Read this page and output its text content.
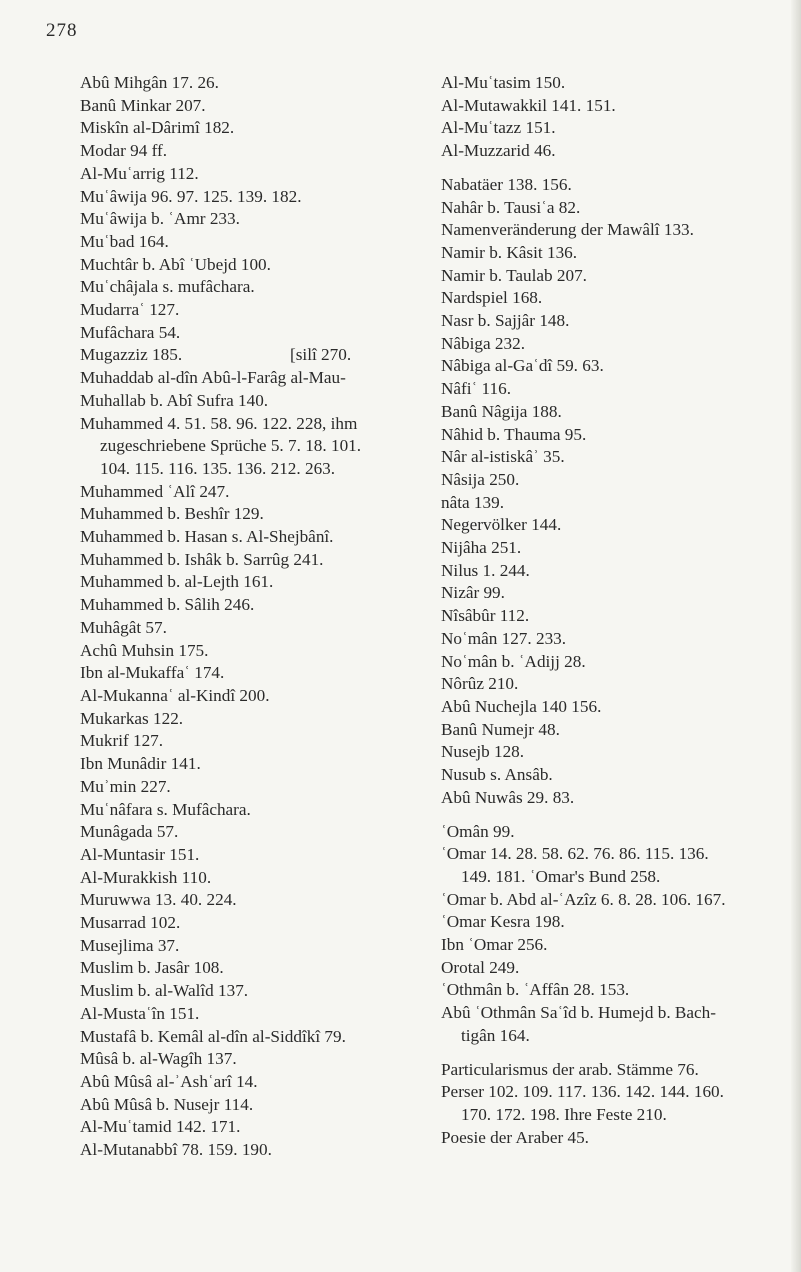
278
Abû Mihgân 17. 26.
Banû Minkar 207.
Miskîn al-Dârimî 182.
Modar 94 ff.
Al-Muʿarrig 112.
Muʿâwija 96. 97. 125. 139. 182.
Muʿâwija b. ʿAmr 233.
Muʿbad 164.
Muchtâr b. Abî ʿUbejd 100.
Muʿchâjala s. mufâchara.
Mudarraʿ 127.
Mufâchara 54.
Mugazziz 185.	[silî 270.
Muhaddab al-dîn Abû-l-Farâg al-Mau-
Muhallab b. Abî Sufra 140.
Muhammed 4. 51. 58. 96. 122. 228, ihm
zugeschriebene Sprüche 5. 7. 18. 101.
104. 115. 116. 135. 136. 212. 263.
Muhammed ʿAlî 247.
Muhammed b. Beshîr 129.
Muhammed b. Hasan s. Al-Shejbânî.
Muhammed b. Ishâk b. Sarrûg 241.
Muhammed b. al-Lejth 161.
Muhammed b. Sâlih 246.
Muhâgât 57.
Achû Muhsin 175.
Ibn al-Mukaffaʿ 174.
Al-Mukannaʿ al-Kindî 200.
Mukarkas 122.
Mukrif 127.
Ibn Munâdir 141.
Muʾmin 227.
Muʿnâfara s. Mufâchara.
Munâgada 57.
Al-Muntasir 151.
Al-Murakkish 110.
Muruwwa 13. 40. 224.
Musarrad 102.
Musejlima 37.
Muslim b. Jasâr 108.
Muslim b. al-Walîd 137.
Al-Mustaʿîn 151.
Mustafâ b. Kemâl al-dîn al-Siddîkî 79.
Mûsâ b. al-Wagîh 137.
Abû Mûsâ al-ʾAshʿarî 14.
Abû Mûsâ b. Nusejr 114.
Al-Muʿtamid 142. 171.
Al-Mutanabbî 78. 159. 190.
Al-Muʿtasim 150.
Al-Mutawakkil 141. 151.
Al-Muʿtazz 151.
Al-Muzzarid 46.
Nabatäer 138. 156.
Nahâr b. Tausiʿa 82.
Namenveränderung der Mawâlî 133.
Namir b. Kâsit 136.
Namir b. Taulab 207.
Nardspiel 168.
Nasr b. Sajjâr 148.
Nâbiga 232.
Nâbiga al-Gaʿdî 59. 63.
Nâfiʿ 116.
Banû Nâgija 188.
Nâhid b. Thauma 95.
Nâr al-istiskâʾ 35.
Nâsija 250.
nâta 139.
Negervölker 144.
Nijâha 251.
Nilus 1. 244.
Nizâr 99.
Nîsâbûr 112.
Noʿmân 127. 233.
Noʿmân b. ʿAdijj 28.
Nôrûz 210.
Abû Nuchejla 140 156.
Banû Numejr 48.
Nusejb 128.
Nusub s. Ansâb.
Abû Nuwâs 29. 83.
ʿOmân 99.
ʿOmar 14. 28. 58. 62. 76. 86. 115. 136.
149. 181. ʿOmar's Bund 258.
ʿOmar b. Abd al-ʿAzîz 6. 8. 28. 106. 167.
ʿOmar Kesra 198.
Ibn ʿOmar 256.
Orotal 249.
ʿOthmân b. ʿAffân 28. 153.
Abû ʿOthmân Saʿîd b. Humejd b. Bach-
tigân 164.
Particularismus der arab. Stämme 76.
Perser 102. 109. 117. 136. 142. 144. 160.
170. 172. 198. Ihre Feste 210.
Poesie der Araber 45.
